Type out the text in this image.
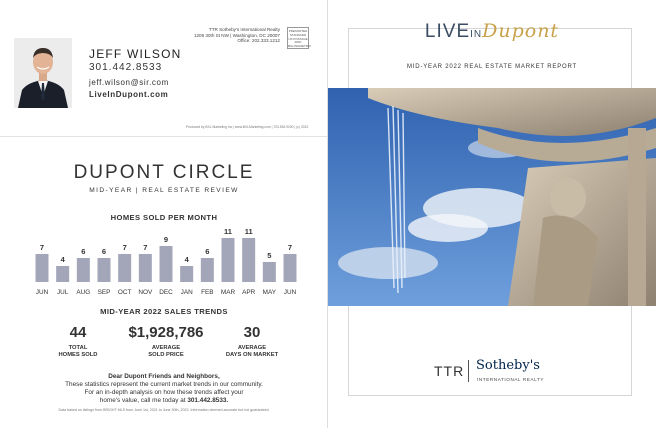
JEFF WILSON
301.442.8533
jeff.wilson@sir.com
LiveInDupont.com
TTR Sotheby's International Realty
1206 30th St NW | Washington, DC 20007
Office: 202.333.1212
PRESORTED STANDARD US POSTAGE PAID BILLINGMETRIX
Produced by BXL Marketing Inc | www.BXLMarketing.com | 703.553.9200 | (c) 2022
DUPONT CIRCLE
MID-YEAR | REAL ESTATE REVIEW
HOMES SOLD PER MONTH
7
JUN
4
JUL
6
AUG
6
SEP
7
OCT
7
NOV
9
DEC
4
JAN
6
FEB
11
MAR
11
APR
5
MAY
7
JUN
MID-YEAR 2022 SALES TRENDS
44
TOTAL
HOMES SOLD
$1,928,786
AVERAGE
SOLD PRICE
30
AVERAGE
DAYS ON MARKET
Dear Dupont Friends and Neighbors,
These statistics represent the current market trends in our community.
For an in-depth analysis on how these trends affect your
home's value, call me today at 301.442.8533.
Data based on listings from BRIGHT MLS from June 1st, 2021 to June 30th, 2022. Information deemed accurate but not guaranteed.
LIVEINDupont
MID-YEAR 2022 REAL ESTATE MARKET REPORT
TTR Sotheby's
INTERNATIONAL REALTY
